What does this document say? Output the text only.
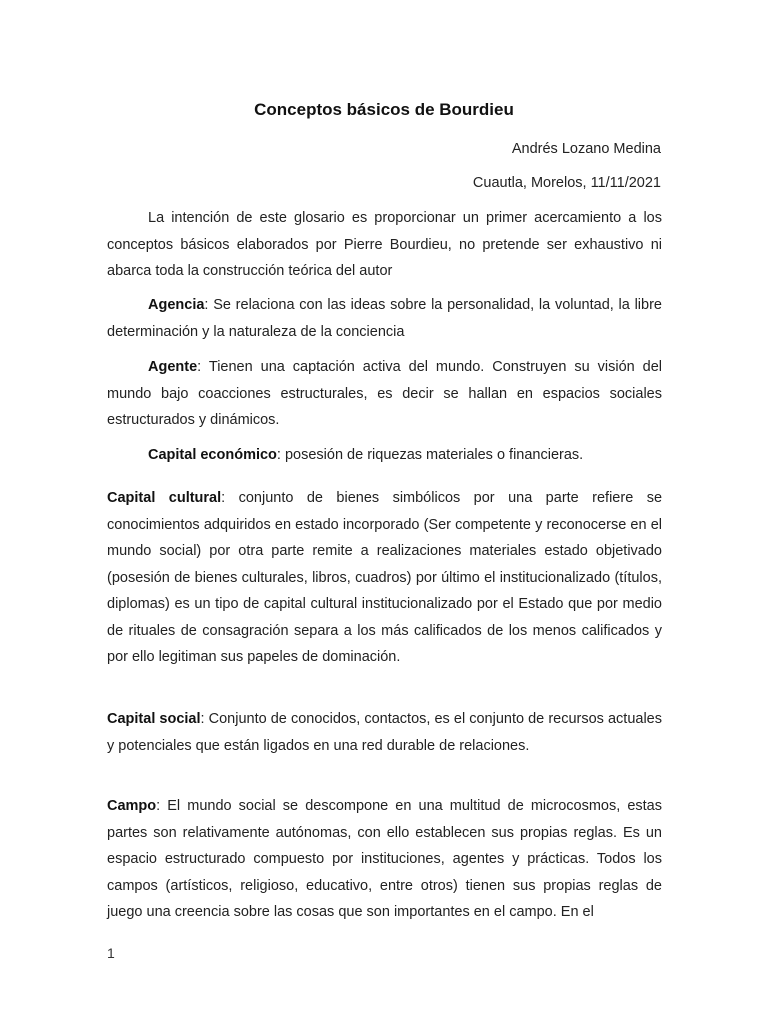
Conceptos básicos de Bourdieu
Andrés Lozano Medina
Cuautla, Morelos, 11/11/2021
La intención de este glosario es proporcionar un primer acercamiento a los conceptos básicos elaborados por Pierre Bourdieu, no pretende ser exhaustivo ni abarca toda la construcción teórica del autor
Agencia: Se relaciona con las ideas sobre la personalidad, la voluntad, la libre determinación y la naturaleza de la conciencia
Agente: Tienen una captación activa del mundo. Construyen su visión del mundo bajo coacciones estructurales, es decir se hallan en espacios sociales estructurados y dinámicos.
Capital económico: posesión de riquezas materiales o financieras.
Capital cultural: conjunto de bienes simbólicos por una parte refiere se conocimientos adquiridos en estado incorporado (Ser competente y reconocerse en el mundo social) por otra parte remite a realizaciones materiales estado objetivado (posesión de bienes culturales, libros, cuadros) por último el institucionalizado (títulos, diplomas) es un tipo de capital cultural institucionalizado por el Estado que por medio de rituales de consagración separa a los más calificados de los menos calificados y por ello legitiman sus papeles de dominación.
Capital social: Conjunto de conocidos, contactos, es el conjunto de recursos actuales y potenciales que están ligados en una red durable de relaciones.
Campo: El mundo social se descompone en una multitud de microcosmos, estas partes son relativamente autónomas, con ello establecen sus propias reglas. Es un espacio estructurado compuesto por instituciones, agentes y prácticas. Todos los campos (artísticos, religioso, educativo, entre otros) tienen sus propias reglas de juego una creencia sobre las cosas que son importantes en el campo. En el
1
